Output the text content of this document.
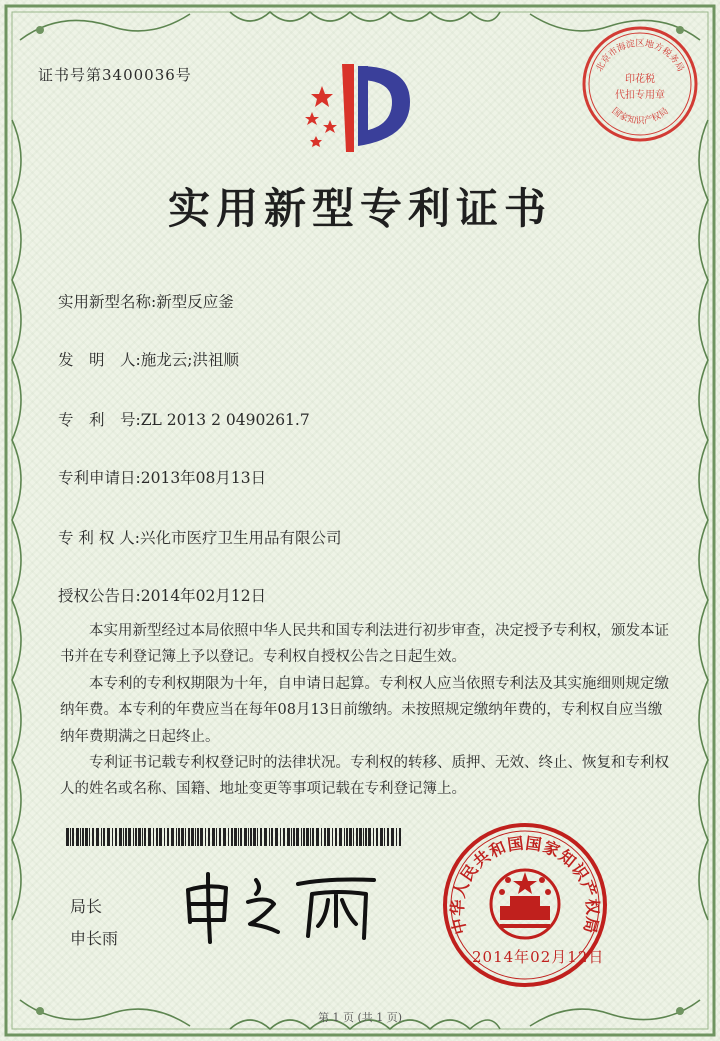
证书号第3400036号	北京市海淀区地方税务局
印花税
代扣专用章
国家知识产权局
实用新型专利证书
实用新型名称:新型反应釜
发　明　人:施龙云;洪祖顺
专　利　号:ZL 2013 2 0490261.7
专利申请日:2013年08月13日
专 利 权 人:兴化市医疗卫生用品有限公司
授权公告日:2014年02月12日

本实用新型经过本局依照中华人民共和国专利法进行初步审查，决定授予专利权，颁发本证书并在专利登记簿上予以登记。专利权自授权公告之日起生效。

本专利的专利权期限为十年，自申请日起算。专利权人应当依照专利法及其实施细则规定缴纳年费。本专利的年费应当在每年08月13日前缴纳。未按照规定缴纳年费的，专利权自应当缴纳年费期满之日起终止。

专利证书记载专利权登记时的法律状况。专利权的转移、质押、无效、终止、恢复和专利权人的姓名或名称、国籍、地址变更等事项记载在专利登记簿上。

局长
申长雨
中华人民共和国国家知识产权局
2014年02月12日
第 1 页 (共 1 页)
